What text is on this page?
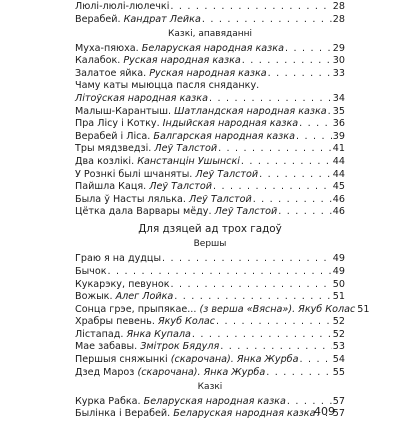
Люлі-люлі-люлечкі . . .	28
Верабей. Кандрат Лейка . . .	28
Казкі, апавяданні
Муха-пяюха. Беларуская народная казка . . .	29
Калабок. Руская народная казка . . .	30
Залатое яйка. Руская народная казка . . .	33
Чаму каты мыюцца пасля сняданку.
Літоўская народная казка . . .	34
Малыш-Карантыш. Шатландская народная казка . . . 35
Пра Лісу і Котку. Індыйская народная казка . . .	36
Верабей і Ліса. Балгарская народная казка . . .	39
Тры мядзведзі. Леў Талстой . . .	41
Два козлікі. Канстанцін Ушынскі . . .	44
У Рознкі былі шчаняты. Леў Талстой . . .	44
Пайшла Каця. Леў Талстой . . .	45
Была ў Насты лялька. Леў Талстой . . .	46
Цётка дала Варвары мёду. Леў Талстой . . .	46
Для дзяцей ад трох гадоў
Вершы
Граю я на дудцы . . .	49
Бычок . . .	49
Кукарэку, певунок . . .	50
Вожык. Алег Лойка . . .	51
Сонца грэе, прыпякае... (з верша «Вясна»). Якуб Колас 51
Храбры певень. Якуб Колас . . .	52
Лістапад. Янка Купала . . .	52
Мае забавы. Змітрок Бядуля . . .	53
Першыя сняжынкі (скарочана). Янка Журба . . .	54
Дзед Мароз (скарочана). Янка Журба . . .	55
Казкі
Курка Рабка. Беларуская народная казка . . .	57
Былінка і Верабей. Беларуская народная казка . . . 57
409
